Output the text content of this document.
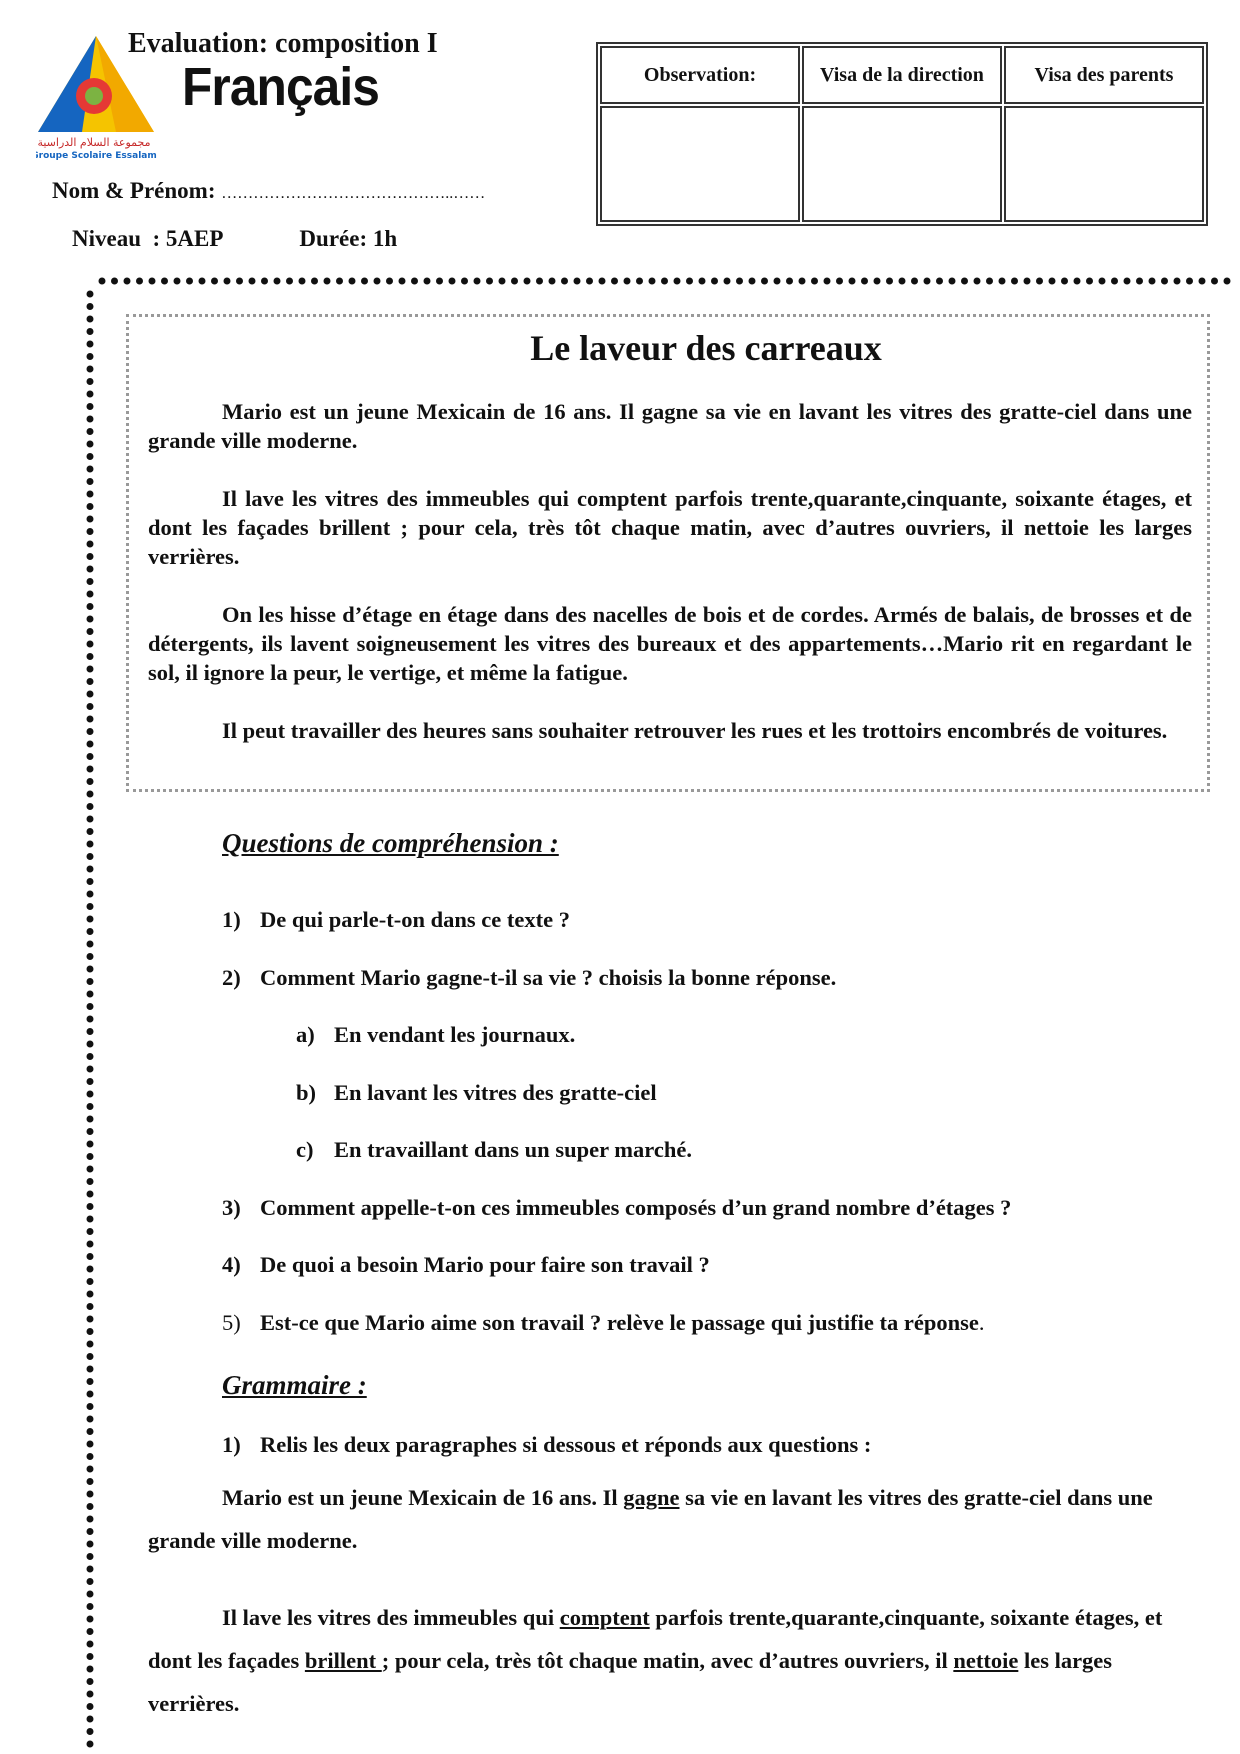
مجموعة السلام الدراسية
Groupe Scolaire Essalam
Evaluation: composition I
Français
Nom & Prénom: ……………………………………..……
Niveau : 5AEP	Durée: 1h
Observation:	Visa de la direction	Visa des parents

Le laveur des carreaux

Mario est un jeune Mexicain de 16 ans. Il gagne sa vie en lavant les vitres des gratte-ciel dans une grande ville moderne.

Il lave les vitres des immeubles qui comptent parfois trente,quarante,cinquante, soixante étages, et dont les façades brillent ; pour cela, très tôt chaque matin, avec d’autres ouvriers, il nettoie les larges verrières.

On les hisse d’étage en étage dans des nacelles de bois et de cordes. Armés de balais, de brosses et de détergents, ils lavent soigneusement les vitres des bureaux et des appartements…Mario rit en regardant le sol, il ignore la peur, le vertige, et même la fatigue.

Il peut travailler des heures sans souhaiter retrouver les rues et les trottoirs encombrés de voitures.

Questions de compréhension :
1) De qui parle-t-on dans ce texte ?
2) Comment Mario gagne-t-il sa vie ? choisis la bonne réponse.
a) En vendant les journaux.
b) En lavant les vitres des gratte-ciel
c) En travaillant dans un super marché.
3) Comment appelle-t-on ces immeubles composés d’un grand nombre d’étages ?
4) De quoi a besoin Mario pour faire son travail ?
5) Est-ce que Mario aime son travail ? relève le passage qui justifie ta réponse.
Grammaire :
1) Relis les deux paragraphes si dessous et réponds aux questions :
Mario est un jeune Mexicain de 16 ans. Il gagne sa vie en lavant les vitres des gratte-ciel dans une grande ville moderne.
Il lave les vitres des immeubles qui comptent parfois trente,quarante,cinquante, soixante étages, et dont les façades brillent ; pour cela, très tôt chaque matin, avec d’autres ouvriers, il nettoie les larges verrières.
